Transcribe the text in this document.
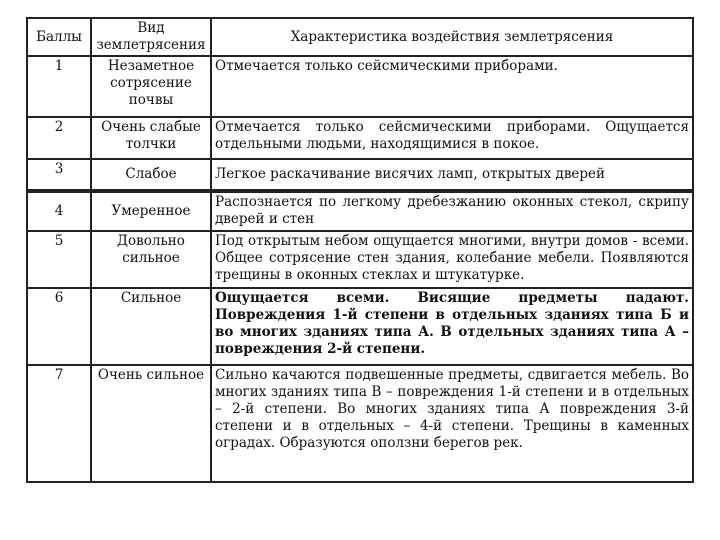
Баллы	Вид землетрясения	Характеристика воздействия землетрясения
1	Незаметное сотрясение почвы	Отмечается только сейсмическими приборами.
2	Очень слабые толчки	Отмечается только сейсмическими приборами. Ощущается отдельными людьми, находящимися в покое.
3	Слабое	Легкое раскачивание висячих ламп, открытых дверей
4	Умеренное	Распознается по легкому дребезжанию оконных стекол, скрипу дверей и стен
5	Довольно сильное	Под открытым небом ощущается многими, внутри домов - всеми. Общее сотрясение стен здания, колебание мебели. Появляются трещины в оконных стеклах и штукатурке.
6	Сильное	Ощущается всеми. Висящие предметы падают. Повреждения 1-й степени в отдельных зданиях типа Б и во многих зданиях типа А. В отдельных зданиях типа А – повреждения 2-й степени.
7	Очень сильное	Сильно качаются подвешенные предметы, сдвигается мебель. Во многих зданиях типа В – повреждения 1-й степени и в отдельных – 2-й степени. Во многих зданиях типа А повреждения 3-й степени и в отдельных – 4-й степени. Трещины в каменных оградах. Образуются оползни берегов рек.
